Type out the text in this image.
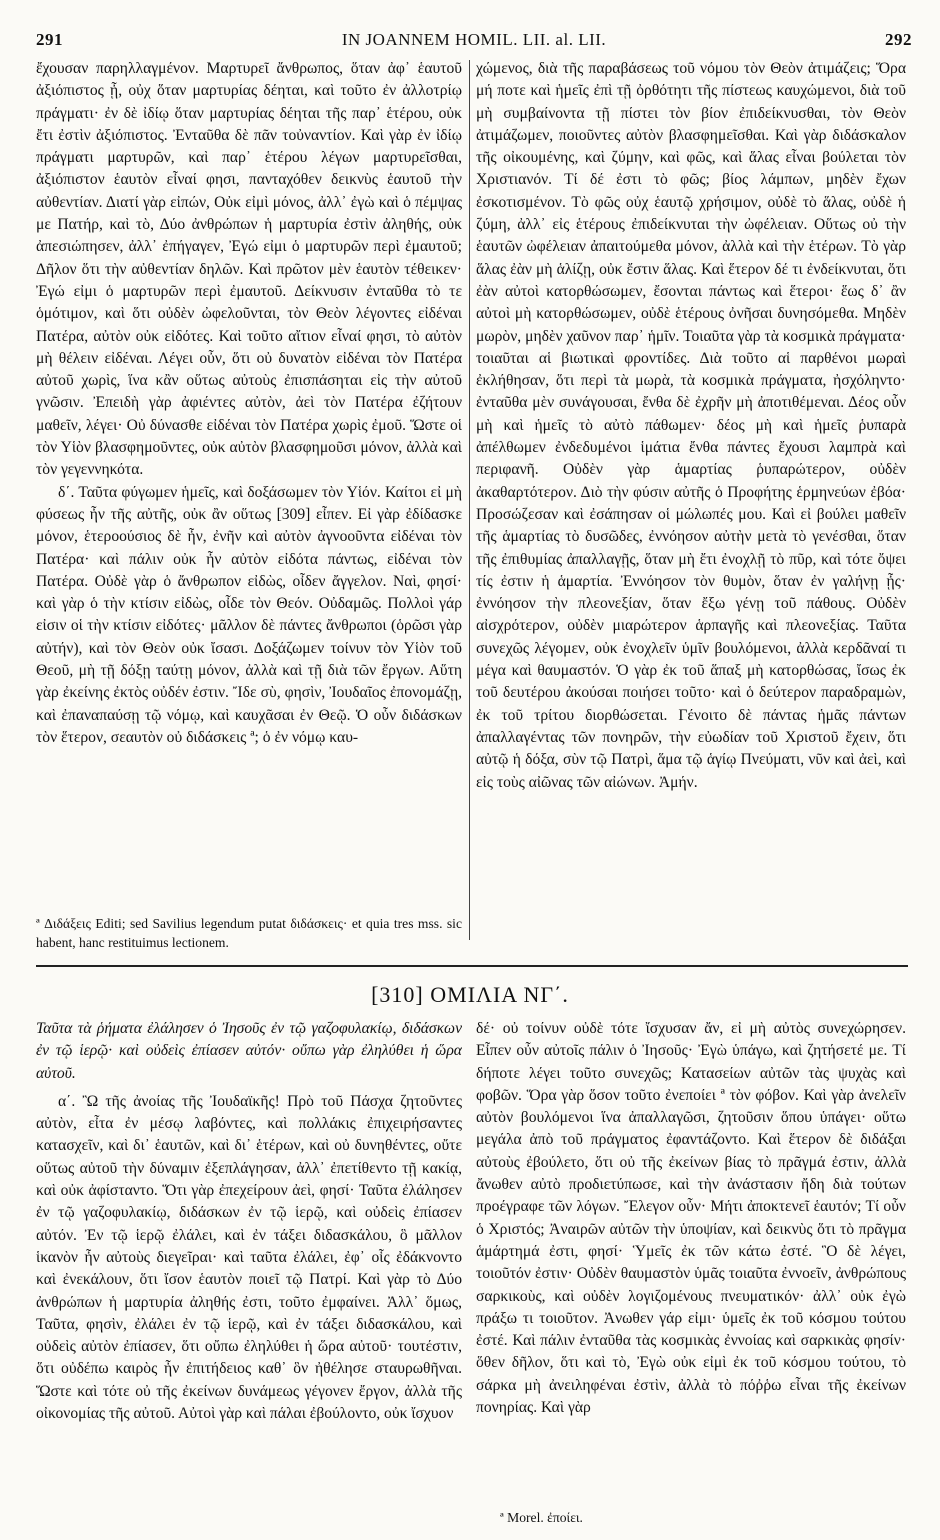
291	IN JOANNEM HOMIL. LII. al. LII.	292

ἔχουσαν παρηλλαγμένον. Μαρτυρεῖ ἄνθρωπος, ὅταν ἀφ᾽ ἑαυτοῦ ἀξιόπιστος ᾖ, οὐχ ὅταν μαρτυρίας δέηται, καὶ τοῦτο ἐν ἀλλοτρίῳ πράγματι· ἐν δὲ ἰδίῳ ὅταν μαρτυρίας δέηται τῆς παρ᾽ ἑτέρου, οὐκ ἔτι ἐστὶν ἀξιόπιστος. Ἐνταῦθα δὲ πᾶν τοὐναντίον. Καὶ γὰρ ἐν ἰδίῳ πράγματι μαρτυρῶν, καὶ παρ᾽ ἑτέρου λέγων μαρτυρεῖσθαι, ἀξιόπιστον ἑαυτὸν εἶναί φησι, πανταχόθεν δεικνὺς ἑαυτοῦ τὴν αὐθεντίαν. Διατί γὰρ εἰπών, Οὐκ εἰμὶ μόνος, ἀλλ᾽ ἐγὼ καὶ ὁ πέμψας με Πατήρ, καὶ τὸ, Δύο ἀνθρώπων ἡ μαρτυρία ἐστὶν ἀληθής, οὐκ ἀπεσιώπησεν, ἀλλ᾽ ἐπήγαγεν, Ἐγώ εἰμι ὁ μαρτυρῶν περὶ ἐμαυτοῦ; Δῆλον ὅτι τὴν αὐθεντίαν δηλῶν. Καὶ πρῶτον μὲν ἑαυτὸν τέθεικεν· Ἐγώ εἰμι ὁ μαρτυρῶν περὶ ἐμαυτοῦ. Δείκνυσιν ἐνταῦθα τὸ τε ὁμότιμον, καὶ ὅτι οὐδὲν ὠφελοῦνται, τὸν Θεὸν λέγοντες εἰδέναι Πατέρα, αὐτὸν οὐκ εἰδότες. Καὶ τοῦτο αἴτιον εἶναί φησι, τὸ αὐτὸν μὴ θέλειν εἰδέναι. Λέγει οὖν, ὅτι οὐ δυνατὸν εἰδέναι τὸν Πατέρα αὐτοῦ χωρὶς, ἵνα κἂν οὕτως αὐτοὺς ἐπισπάσηται εἰς τὴν αὐτοῦ γνῶσιν. Ἐπειδὴ γὰρ ἀφιέντες αὐτὸν, ἀεὶ τὸν Πατέρα ἐζήτουν μαθεῖν, λέγει· Οὐ δύνασθε εἰδέναι τὸν Πατέρα χωρὶς ἐμοῦ. Ὥστε οἱ τὸν Υἱὸν βλασφημοῦντες, οὐκ αὐτὸν βλασφημοῦσι μόνον, ἀλλὰ καὶ τὸν γεγεννηκότα.

δ΄. Ταῦτα φύγωμεν ἡμεῖς, καὶ δοξάσωμεν τὸν Υἱόν. Καίτοι εἰ μὴ φύσεως ἦν τῆς αὐτῆς, οὐκ ἂν οὕτως [309] εἶπεν. Εἰ γὰρ ἐδίδασκε μόνον, ἑτεροούσιος δὲ ἦν, ἐνῆν καὶ αὐτὸν ἀγνοοῦντα εἰδέναι τὸν Πατέρα· καὶ πάλιν οὐκ ἦν αὐτὸν εἰδότα πάντως, εἰδέναι τὸν Πατέρα. Οὐδὲ γὰρ ὁ ἄνθρωπον εἰδὼς, οἶδεν ἄγγελον. Ναὶ, φησί· καὶ γὰρ ὁ τὴν κτίσιν εἰδὼς, οἶδε τὸν Θεόν. Οὐδαμῶς. Πολλοὶ γάρ εἰσιν οἱ τὴν κτίσιν εἰδότες· μᾶλλον δὲ πάντες ἄνθρωποι (ὁρῶσι γὰρ αὐτήν), καὶ τὸν Θεὸν οὐκ ἴσασι. Δοξάζωμεν τοίνυν τὸν Υἱὸν τοῦ Θεοῦ, μὴ τῇ δόξῃ ταύτῃ μόνον, ἀλλὰ καὶ τῇ διὰ τῶν ἔργων. Αὕτη γὰρ ἐκείνης ἐκτὸς οὐδέν ἐστιν. Ἴδε σὺ, φησὶν, Ἰουδαῖος ἐπονομάζῃ, καὶ ἐπαναπαύσῃ τῷ νόμῳ, καὶ καυχᾶσαι ἐν Θεῷ. Ὁ οὖν διδάσκων τὸν ἕτερον, σεαυτὸν οὐ διδάσκεις ª; ὁ ἐν νόμῳ καυ-

χώμενος, διὰ τῆς παραβάσεως τοῦ νόμου τὸν Θεὸν ἀτιμάζεις; Ὅρα μή ποτε καὶ ἡμεῖς ἐπὶ τῇ ὀρθότητι τῆς πίστεως καυχώμενοι, διὰ τοῦ μὴ συμβαίνοντα τῇ πίστει τὸν βίον ἐπιδείκνυσθαι, τὸν Θεὸν ἀτιμάζωμεν, ποιοῦντες αὐτὸν βλασφημεῖσθαι. Καὶ γὰρ διδάσκαλον τῆς οἰκουμένης, καὶ ζύμην, καὶ φῶς, καὶ ἅλας εἶναι βούλεται τὸν Χριστιανόν. Τί δέ ἐστι τὸ φῶς; βίος λάμπων, μηδὲν ἔχων ἐσκοτισμένον. Τὸ φῶς οὐχ ἑαυτῷ χρήσιμον, οὐδὲ τὸ ἅλας, οὐδὲ ἡ ζύμη, ἀλλ᾽ εἰς ἑτέρους ἐπιδείκνυται τὴν ὠφέλειαν. Οὕτως οὐ τὴν ἑαυτῶν ὠφέλειαν ἀπαιτούμεθα μόνον, ἀλλὰ καὶ τὴν ἑτέρων. Τὸ γὰρ ἅλας ἐὰν μὴ ἁλίζῃ, οὐκ ἔστιν ἅλας. Καὶ ἕτερον δέ τι ἐνδείκνυται, ὅτι ἐὰν αὐτοὶ κατορθώσωμεν, ἔσονται πάντως καὶ ἕτεροι· ἕως δ᾽ ἂν αὐτοὶ μὴ κατορθώσωμεν, οὐδὲ ἑτέρους ὀνῆσαι δυνησόμεθα. Μηδὲν μωρὸν, μηδὲν χαῦνον παρ᾽ ἡμῖν. Τοιαῦτα γὰρ τὰ κοσμικὰ πράγματα· τοιαῦται αἱ βιωτικαὶ φροντίδες. Διὰ τοῦτο αἱ παρθένοι μωραὶ ἐκλήθησαν, ὅτι περὶ τὰ μωρὰ, τὰ κοσμικὰ πράγματα, ἠσχόληντο· ἐνταῦθα μὲν συνάγουσαι, ἔνθα δὲ ἐχρῆν μὴ ἀποτιθέμεναι. Δέος οὖν μὴ καὶ ἡμεῖς τὸ αὐτὸ πάθωμεν· δέος μὴ καὶ ἡμεῖς ῥυπαρὰ ἀπέλθωμεν ἐνδεδυμένοι ἱμάτια ἔνθα πάντες ἔχουσι λαμπρὰ καὶ περιφανῆ. Οὐδὲν γὰρ ἁμαρτίας ῥυπαρώτερον, οὐδὲν ἀκαθαρτότερον. Διὸ τὴν φύσιν αὐτῆς ὁ Προφήτης ἑρμηνεύων ἐβόα· Προσώζεσαν καὶ ἐσάπησαν οἱ μώλωπές μου. Καὶ εἰ βούλει μαθεῖν τῆς ἁμαρτίας τὸ δυσῶδες, ἐννόησον αὐτὴν μετὰ τὸ γενέσθαι, ὅταν τῆς ἐπιθυμίας ἀπαλλαγῇς, ὅταν μὴ ἔτι ἐνοχλῇ τὸ πῦρ, καὶ τότε ὄψει τίς ἐστιν ἡ ἁμαρτία. Ἐννόησον τὸν θυμὸν, ὅταν ἐν γαλήνῃ ᾖς· ἐννόησον τὴν πλεονεξίαν, ὅταν ἔξω γένῃ τοῦ πάθους. Οὐδὲν αἰσχρότερον, οὐδὲν μιαρώτερον ἁρπαγῆς καὶ πλεονεξίας. Ταῦτα συνεχῶς λέγομεν, οὐκ ἐνοχλεῖν ὑμῖν βουλόμενοι, ἀλλὰ κερδᾶναί τι μέγα καὶ θαυμαστόν. Ὁ γὰρ ἐκ τοῦ ἅπαξ μὴ κατορθώσας, ἴσως ἐκ τοῦ δευτέρου ἀκούσαι ποιήσει τοῦτο· καὶ ὁ δεύτερον παραδραμὼν, ἐκ τοῦ τρίτου διορθώσεται. Γένοιτο δὲ πάντας ἡμᾶς πάντων ἀπαλλαγέντας τῶν πονηρῶν, τὴν εὐωδίαν τοῦ Χριστοῦ ἔχειν, ὅτι αὐτῷ ἡ δόξα, σὺν τῷ Πατρὶ, ἅμα τῷ ἁγίῳ Πνεύματι, νῦν καὶ ἀεὶ, καὶ εἰς τοὺς αἰῶνας τῶν αἰώνων. Ἀμήν.

ª Διδάξεις Editi; sed Savilius legendum putat διδάσκεις· et quia tres mss. sic habent, hanc restituimus lectionem.
[310] ΟΜΙΛΙΑ ΝΓ΄.

Ταῦτα τὰ ῥήματα ἐλάλησεν ὁ Ἰησοῦς ἐν τῷ γαζοφυλακίῳ, διδάσκων ἐν τῷ ἱερῷ· καὶ οὐδεὶς ἐπίασεν αὐτόν· οὔπω γὰρ ἐληλύθει ἡ ὥρα αὐτοῦ.

α΄. Ὢ τῆς ἀνοίας τῆς Ἰουδαϊκῆς! Πρὸ τοῦ Πάσχα ζητοῦντες αὐτὸν, εἶτα ἐν μέσῳ λαβόντες, καὶ πολλάκις ἐπιχειρήσαντες κατασχεῖν, καὶ δι᾽ ἑαυτῶν, καὶ δι᾽ ἑτέρων, καὶ οὐ δυνηθέντες, οὔτε οὕτως αὐτοῦ τὴν δύναμιν ἐξεπλάγησαν, ἀλλ᾽ ἐπετίθεντο τῇ κακίᾳ, καὶ οὐκ ἀφίσταντο. Ὅτι γὰρ ἐπεχείρουν ἀεὶ, φησί· Ταῦτα ἐλάλησεν ἐν τῷ γαζοφυλακίῳ, διδάσκων ἐν τῷ ἱερῷ, καὶ οὐδεὶς ἐπίασεν αὐτόν. Ἐν τῷ ἱερῷ ἐλάλει, καὶ ἐν τάξει διδασκάλου, ὃ μᾶλλον ἱκανὸν ἦν αὐτοὺς διεγεῖραι· καὶ ταῦτα ἐλάλει, ἐφ᾽ οἷς ἐδάκνοντο καὶ ἐνεκάλουν, ὅτι ἴσον ἑαυτὸν ποιεῖ τῷ Πατρί. Καὶ γὰρ τὸ Δύο ἀνθρώπων ἡ μαρτυρία ἀληθής ἐστι, τοῦτο ἐμφαίνει. Ἀλλ᾽ ὅμως, Ταῦτα, φησὶν, ἐλάλει ἐν τῷ ἱερῷ, καὶ ἐν τάξει διδασκάλου, καὶ οὐδεὶς αὐτὸν ἐπίασεν, ὅτι οὔπω ἐληλύθει ἡ ὥρα αὐτοῦ· τουτέστιν, ὅτι οὐδέπω καιρὸς ἦν ἐπιτήδειος καθ᾽ ὃν ἠθέλησε σταυρωθῆναι. Ὥστε καὶ τότε οὐ τῆς ἐκείνων δυνάμεως γέγονεν ἔργον, ἀλλὰ τῆς οἰκονομίας τῆς αὐτοῦ. Αὐτοὶ γὰρ καὶ πάλαι ἐβούλοντο, οὐκ ἴσχυον

δέ· οὐ τοίνυν οὐδὲ τότε ἴσχυσαν ἄν, εἰ μὴ αὐτὸς συνεχώρησεν. Εἶπεν οὖν αὐτοῖς πάλιν ὁ Ἰησοῦς· Ἐγὼ ὑπάγω, καὶ ζητήσετέ με. Τί δήποτε λέγει τοῦτο συνεχῶς; Κατασείων αὐτῶν τὰς ψυχὰς καὶ φοβῶν. Ὅρα γὰρ ὅσον τοῦτο ἐνεποίει ª τὸν φόβον. Καὶ γὰρ ἀνελεῖν αὐτὸν βουλόμενοι ἵνα ἀπαλλαγῶσι, ζητοῦσιν ὅπου ὑπάγει· οὕτω μεγάλα ἀπὸ τοῦ πράγματος ἐφαντάζοντο. Καὶ ἕτερον δὲ διδάξαι αὐτοὺς ἐβούλετο, ὅτι οὐ τῆς ἐκείνων βίας τὸ πρᾶγμά ἐστιν, ἀλλὰ ἄνωθεν αὐτὸ προδιετύπωσε, καὶ τὴν ἀνάστασιν ἤδη διὰ τούτων προέγραφε τῶν λόγων. Ἔλεγον οὖν· Μήτι ἀποκτενεῖ ἑαυτόν; Τί οὖν ὁ Χριστός; Ἀναιρῶν αὐτῶν τὴν ὑποψίαν, καὶ δεικνὺς ὅτι τὸ πρᾶγμα ἁμάρτημά ἐστι, φησί· Ὑμεῖς ἐκ τῶν κάτω ἐστέ. Ὃ δὲ λέγει, τοιοῦτόν ἐστιν· Οὐδὲν θαυμαστὸν ὑμᾶς τοιαῦτα ἐννοεῖν, ἀνθρώπους σαρκικοὺς, καὶ οὐδὲν λογιζομένους πνευματικόν· ἀλλ᾽ οὐκ ἐγὼ πράξω τι τοιοῦτον. Ἀνωθεν γάρ εἰμι· ὑμεῖς ἐκ τοῦ κόσμου τούτου ἐστέ. Καὶ πάλιν ἐνταῦθα τὰς κοσμικὰς ἐννοίας καὶ σαρκικὰς φησίν· ὅθεν δῆλον, ὅτι καὶ τὸ, Ἐγὼ οὐκ εἰμὶ ἐκ τοῦ κόσμου τούτου, τὸ σάρκα μὴ ἀνειληφέναι ἐστὶν, ἀλλὰ τὸ πόῤῥω εἶναι τῆς ἐκείνων πονηρίας. Καὶ γὰρ

ª Morel. ἐποίει.
